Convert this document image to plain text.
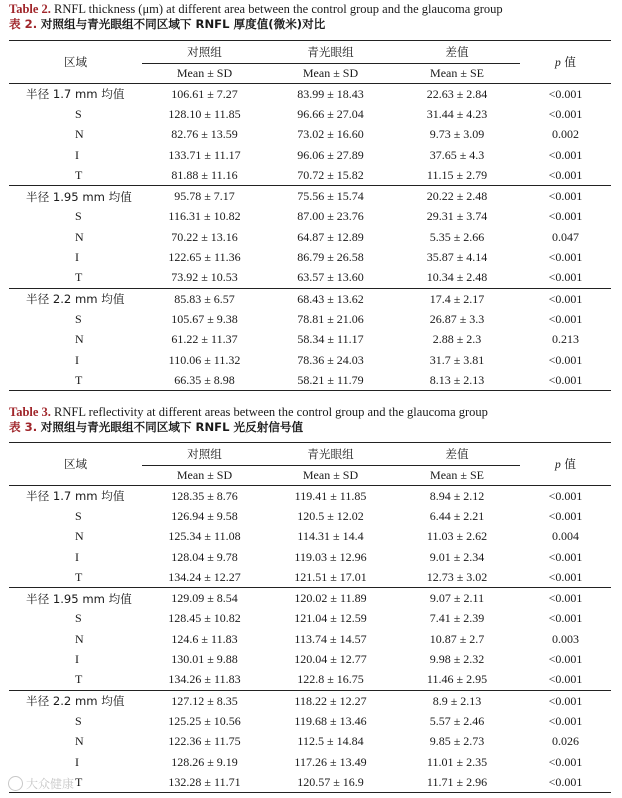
Table 2. RNFL thickness (μm) at different area between the control group and the glaucoma group
表 2. 对照组与青光眼组不同区域下 RNFL 厚度值(微米)对比
区域	对照组	青光眼组	差值	p 值
	Mean ± SD	Mean ± SD	Mean ± SE	
半径 1.7 mm 均值	106.61 ± 7.27	83.99 ± 18.43	22.63 ± 2.84	<0.001
S	128.10 ± 11.85	96.66 ± 27.04	31.44 ± 4.23	<0.001
N	82.76 ± 13.59	73.02 ± 16.60	9.73 ± 3.09	0.002
I	133.71 ± 11.17	96.06 ± 27.89	37.65 ± 4.3	<0.001
T	81.88 ± 11.16	70.72 ± 15.82	11.15 ± 2.79	<0.001
半径 1.95 mm 均值	95.78 ± 7.17	75.56 ± 15.74	20.22 ± 2.48	<0.001
S	116.31 ± 10.82	87.00 ± 23.76	29.31 ± 3.74	<0.001
N	70.22 ± 13.16	64.87 ± 12.89	5.35 ± 2.66	0.047
I	122.65 ± 11.36	86.79 ± 26.58	35.87 ± 4.14	<0.001
T	73.92 ± 10.53	63.57 ± 13.60	10.34 ± 2.48	<0.001
半径 2.2 mm 均值	85.83 ± 6.57	68.43 ± 13.62	17.4 ± 2.17	<0.001
S	105.67 ± 9.38	78.81 ± 21.06	26.87 ± 3.3	<0.001
N	61.22 ± 11.37	58.34 ± 11.17	2.88 ± 2.3	0.213
I	110.06 ± 11.32	78.36 ± 24.03	31.7 ± 3.81	<0.001
T	66.35 ± 8.98	58.21 ± 11.79	8.13 ± 2.13	<0.001
Table 3. RNFL reflectivity at different areas between the control group and the glaucoma group
表 3. 对照组与青光眼组不同区域下 RNFL 光反射信号值
区域	对照组	青光眼组	差值	p 值
	Mean ± SD	Mean ± SD	Mean ± SE	
半径 1.7 mm 均值	128.35 ± 8.76	119.41 ± 11.85	8.94 ± 2.12	<0.001
S	126.94 ± 9.58	120.5 ± 12.02	6.44 ± 2.21	<0.001
N	125.34 ± 11.08	114.31 ± 14.4	11.03 ± 2.62	0.004
I	128.04 ± 9.78	119.03 ± 12.96	9.01 ± 2.34	<0.001
T	134.24 ± 12.27	121.51 ± 17.01	12.73 ± 3.02	<0.001
半径 1.95 mm 均值	129.09 ± 8.54	120.02 ± 11.89	9.07 ± 2.11	<0.001
S	128.45 ± 10.82	121.04 ± 12.59	7.41 ± 2.39	<0.001
N	124.6 ± 11.83	113.74 ± 14.57	10.87 ± 2.7	0.003
I	130.01 ± 9.88	120.04 ± 12.77	9.98 ± 2.32	<0.001
T	134.26 ± 11.83	122.8 ± 16.75	11.46 ± 2.95	<0.001
半径 2.2 mm 均值	127.12 ± 8.35	118.22 ± 12.27	8.9 ± 2.13	<0.001
S	125.25 ± 10.56	119.68 ± 13.46	5.57 ± 2.46	<0.001
N	122.36 ± 11.75	112.5 ± 14.84	9.85 ± 2.73	0.026
I	128.26 ± 9.19	117.26 ± 13.49	11.01 ± 2.35	<0.001
T	132.28 ± 11.71	120.57 ± 16.9	11.71 ± 2.96	<0.001
大众健康
